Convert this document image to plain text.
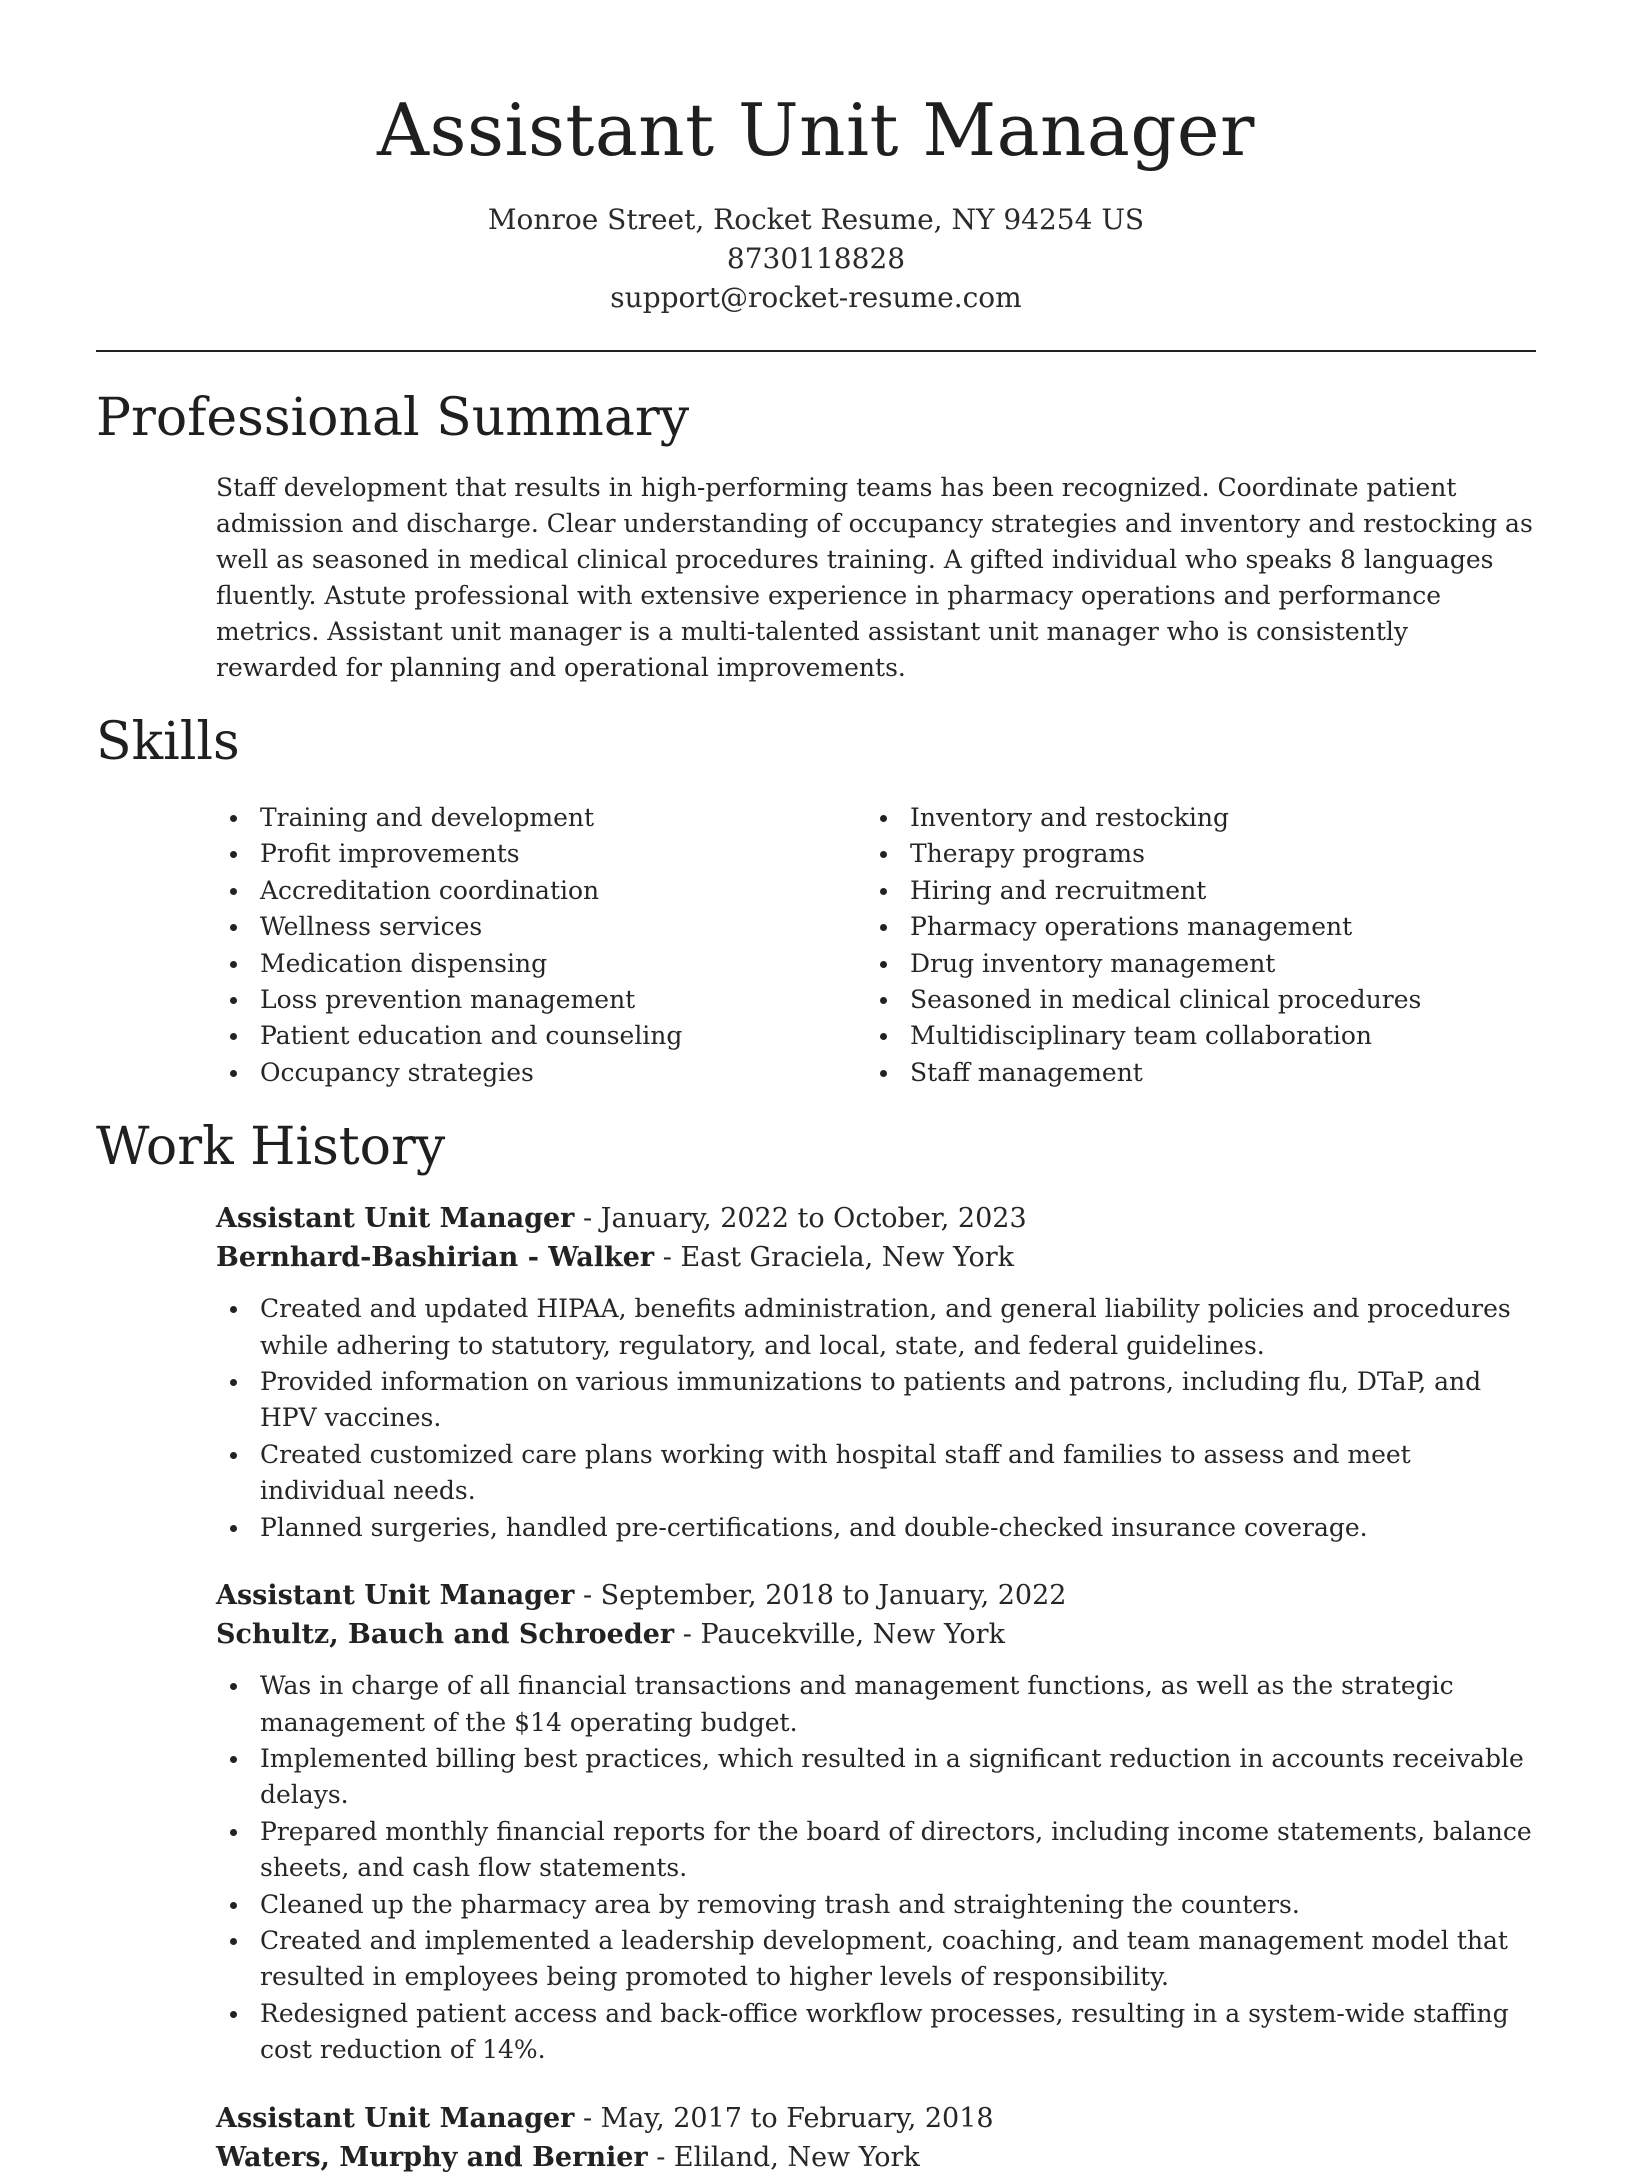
Assistant Unit Manager
Monroe Street, Rocket Resume, NY 94254 US
8730118828
support@rocket-resume.com
Professional Summary

Staff development that results in high-performing teams has been recognized. Coordinate patient admission and discharge. Clear understanding of occupancy strategies and inventory and restocking as well as seasoned in medical clinical procedures training. A gifted individual who speaks 8 languages fluently. Astute professional with extensive experience in pharmacy operations and performance metrics. Assistant unit manager is a multi-talented assistant unit manager who is consistently rewarded for planning and operational improvements.

Skills
Training and development
Profit improvements
Accreditation coordination
Wellness services
Medication dispensing
Loss prevention management
Patient education and counseling
Occupancy strategies
Inventory and restocking
Therapy programs
Hiring and recruitment
Pharmacy operations management
Drug inventory management
Seasoned in medical clinical procedures
Multidisciplinary team collaboration
Staff management
Work History
Assistant Unit Manager - January, 2022 to October, 2023
Bernhard-Bashirian - Walker - East Graciela, New York
Created and updated HIPAA, benefits administration, and general liability policies and procedures while adhering to statutory, regulatory, and local, state, and federal guidelines.
Provided information on various immunizations to patients and patrons, including flu, DTaP, and HPV vaccines.
Created customized care plans working with hospital staff and families to assess and meet individual needs.
Planned surgeries, handled pre-certifications, and double-checked insurance coverage.
Assistant Unit Manager - September, 2018 to January, 2022
Schultz, Bauch and Schroeder - Paucekville, New York
Was in charge of all financial transactions and management functions, as well as the strategic management of the $14 operating budget.
Implemented billing best practices, which resulted in a significant reduction in accounts receivable delays.
Prepared monthly financial reports for the board of directors, including income statements, balance sheets, and cash flow statements.
Cleaned up the pharmacy area by removing trash and straightening the counters.
Created and implemented a leadership development, coaching, and team management model that resulted in employees being promoted to higher levels of responsibility.
Redesigned patient access and back-office workflow processes, resulting in a system-wide staffing cost reduction of 14%.
Assistant Unit Manager - May, 2017 to February, 2018
Waters, Murphy and Bernier - Eliland, New York
